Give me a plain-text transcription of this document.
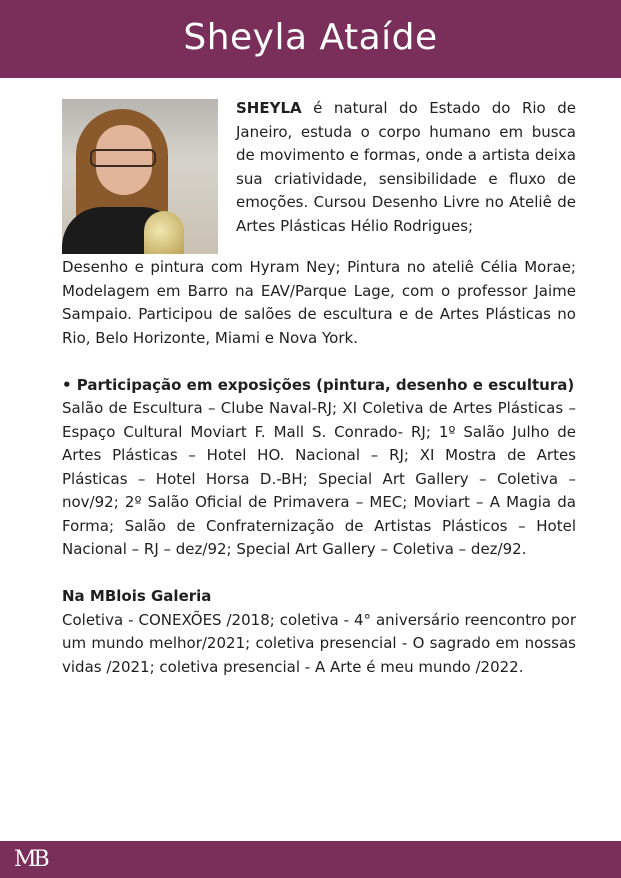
Sheyla Ataíde

SHEYLA é natural do Estado do Rio de Janeiro, estuda o corpo humano em busca de movimento e formas, onde a artista deixa sua criatividade, sensibilidade e fluxo de emoções. Cursou Desenho Livre no Ateliê de Artes Plásticas Hélio Rodrigues;

Desenho e pintura com Hyram Ney; Pintura no ateliê Célia Morae; Modelagem em Barro na EAV/Parque Lage, com o professor Jaime Sampaio. Participou de salões de escultura e de Artes Plásticas no Rio, Belo Horizonte, Miami e Nova York.

• Participação em exposições (pintura, desenho e escultura)

Salão de Escultura – Clube Naval-RJ; XI Coletiva de Artes Plásticas – Espaço Cultural Moviart F. Mall S. Conrado- RJ; 1º Salão Julho de Artes Plásticas – Hotel HO. Nacional – RJ; XI Mostra de Artes Plásticas – Hotel Horsa D.-BH; Special Art Gallery – Coletiva – nov/92; 2º Salão Oficial de Primavera – MEC; Moviart – A Magia da Forma; Salão de Confraternização de Artistas Plásticos – Hotel Nacional – RJ – dez/92; Special Art Gallery – Coletiva – dez/92.

Na MBlois Galeria

Coletiva - CONEXÕES /2018; coletiva - 4° aniversário reencontro por um mundo melhor/2021; coletiva presencial - O sagrado em nossas vidas /2021; coletiva presencial - A Arte é meu mundo /2022.

MB
